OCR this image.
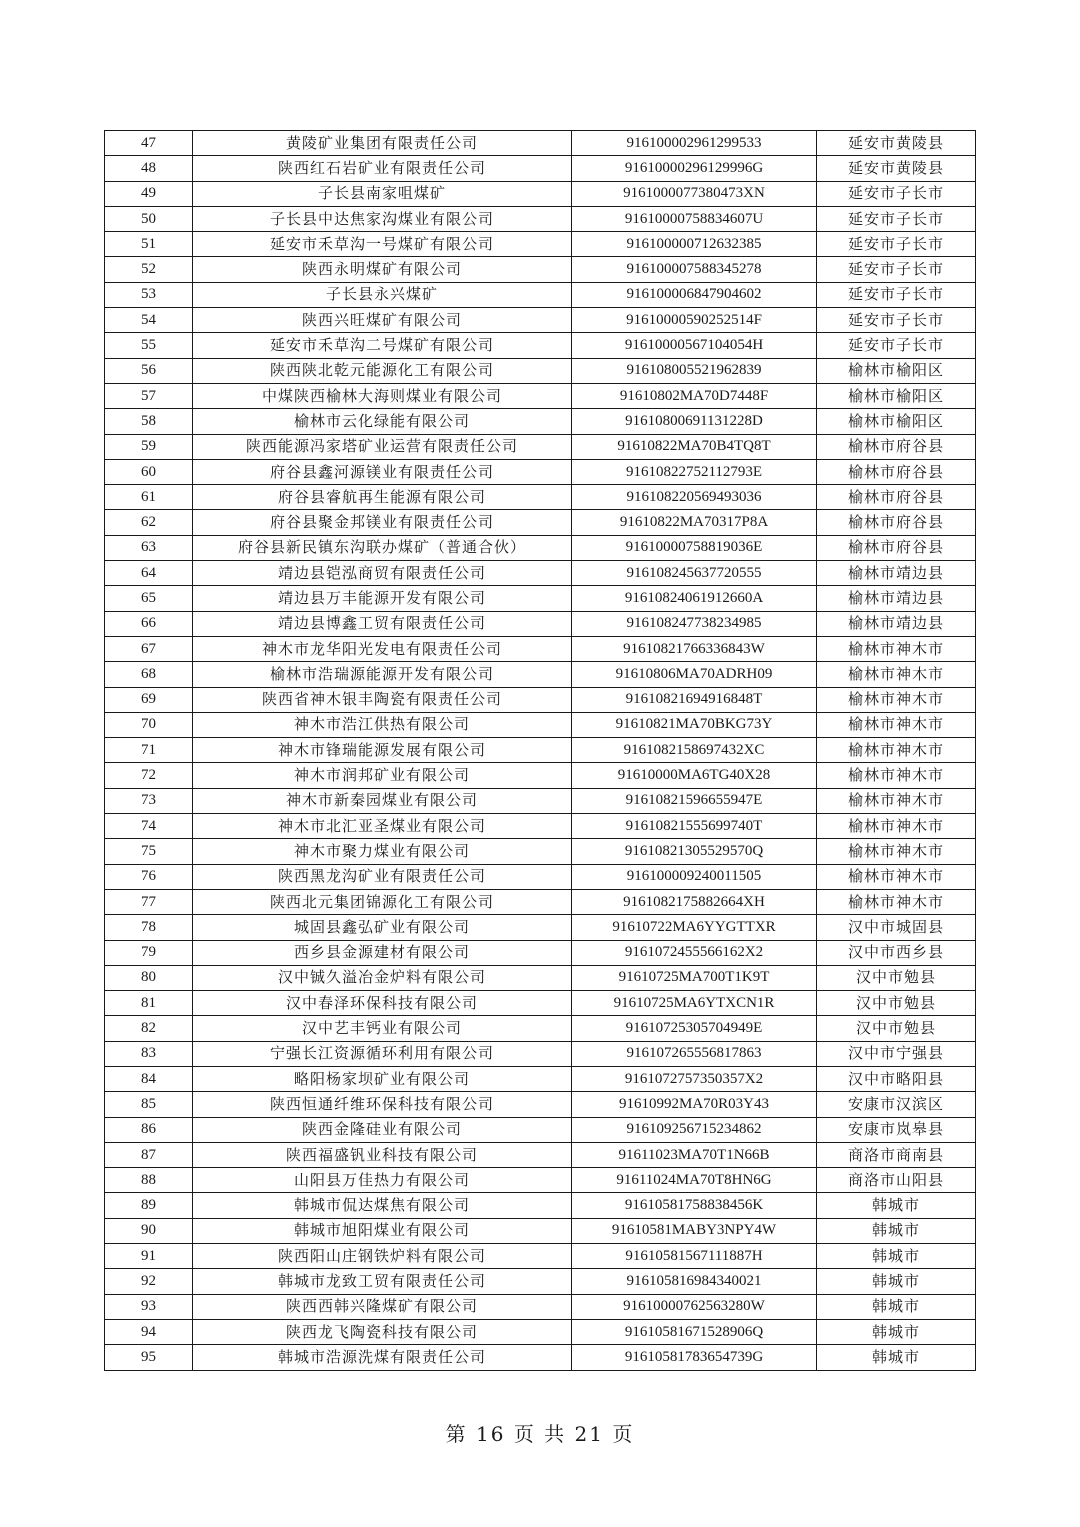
47	黄陵矿业集团有限责任公司	916100002961299533	延安市黄陵县
48	陕西红石岩矿业有限责任公司	91610000296129996G	延安市黄陵县
49	子长县南家咀煤矿	9161000077380473XN	延安市子长市
50	子长县中达焦家沟煤业有限公司	91610000758834607U	延安市子长市
51	延安市禾草沟一号煤矿有限公司	916100000712632385	延安市子长市
52	陕西永明煤矿有限公司	916100007588345278	延安市子长市
53	子长县永兴煤矿	916100006847904602	延安市子长市
54	陕西兴旺煤矿有限公司	91610000590252514F	延安市子长市
55	延安市禾草沟二号煤矿有限公司	91610000567104054H	延安市子长市
56	陕西陕北乾元能源化工有限公司	916108005521962839	榆林市榆阳区
57	中煤陕西榆林大海则煤业有限公司	91610802MA70D7448F	榆林市榆阳区
58	榆林市云化绿能有限公司	91610800691131228D	榆林市榆阳区
59	陕西能源冯家塔矿业运营有限责任公司	91610822MA70B4TQ8T	榆林市府谷县
60	府谷县鑫河源镁业有限责任公司	91610822752112793E	榆林市府谷县
61	府谷县睿航再生能源有限公司	916108220569493036	榆林市府谷县
62	府谷县聚金邦镁业有限责任公司	91610822MA70317P8A	榆林市府谷县
63	府谷县新民镇东沟联办煤矿（普通合伙）	91610000758819036E	榆林市府谷县
64	靖边县铠泓商贸有限责任公司	916108245637720555	榆林市靖边县
65	靖边县万丰能源开发有限公司	91610824061912660A	榆林市靖边县
66	靖边县博鑫工贸有限责任公司	916108247738234985	榆林市靖边县
67	神木市龙华阳光发电有限责任公司	91610821766336843W	榆林市神木市
68	榆林市浩瑞源能源开发有限公司	91610806MA70ADRH09	榆林市神木市
69	陕西省神木银丰陶瓷有限责任公司	91610821694916848T	榆林市神木市
70	神木市浩江供热有限公司	91610821MA70BKG73Y	榆林市神木市
71	神木市锋瑞能源发展有限公司	9161082158697432XC	榆林市神木市
72	神木市润邦矿业有限公司	91610000MA6TG40X28	榆林市神木市
73	神木市新秦园煤业有限公司	91610821596655947E	榆林市神木市
74	神木市北汇亚圣煤业有限公司	91610821555699740T	榆林市神木市
75	神木市聚力煤业有限公司	91610821305529570Q	榆林市神木市
76	陕西黑龙沟矿业有限责任公司	916100009240011505	榆林市神木市
77	陕西北元集团锦源化工有限公司	9161082175882664XH	榆林市神木市
78	城固县鑫弘矿业有限公司	91610722MA6YYGTTXR	汉中市城固县
79	西乡县金源建材有限公司	9161072455566162X2	汉中市西乡县
80	汉中铖久溢冶金炉料有限公司	91610725MA700T1K9T	汉中市勉县
81	汉中春泽环保科技有限公司	91610725MA6YTXCN1R	汉中市勉县
82	汉中艺丰钙业有限公司	91610725305704949E	汉中市勉县
83	宁强长江资源循环利用有限公司	916107265556817863	汉中市宁强县
84	略阳杨家坝矿业有限公司	9161072757350357X2	汉中市略阳县
85	陕西恒通纤维环保科技有限公司	91610992MA70R03Y43	安康市汉滨区
86	陕西金隆硅业有限公司	916109256715234862	安康市岚皋县
87	陕西福盛钒业科技有限公司	91611023MA70T1N66B	商洛市商南县
88	山阳县万佳热力有限公司	91611024MA70T8HN6G	商洛市山阳县
89	韩城市侃达煤焦有限公司	91610581758838456K	韩城市
90	韩城市旭阳煤业有限公司	91610581MABY3NPY4W	韩城市
91	陕西阳山庄钢铁炉料有限公司	91610581567111887H	韩城市
92	韩城市龙致工贸有限责任公司	916105816984340021	韩城市
93	陕西西韩兴隆煤矿有限公司	91610000762563280W	韩城市
94	陕西龙飞陶瓷科技有限公司	91610581671528906Q	韩城市
95	韩城市浩源洗煤有限责任公司	91610581783654739G	韩城市
第 16 页 共 21 页
